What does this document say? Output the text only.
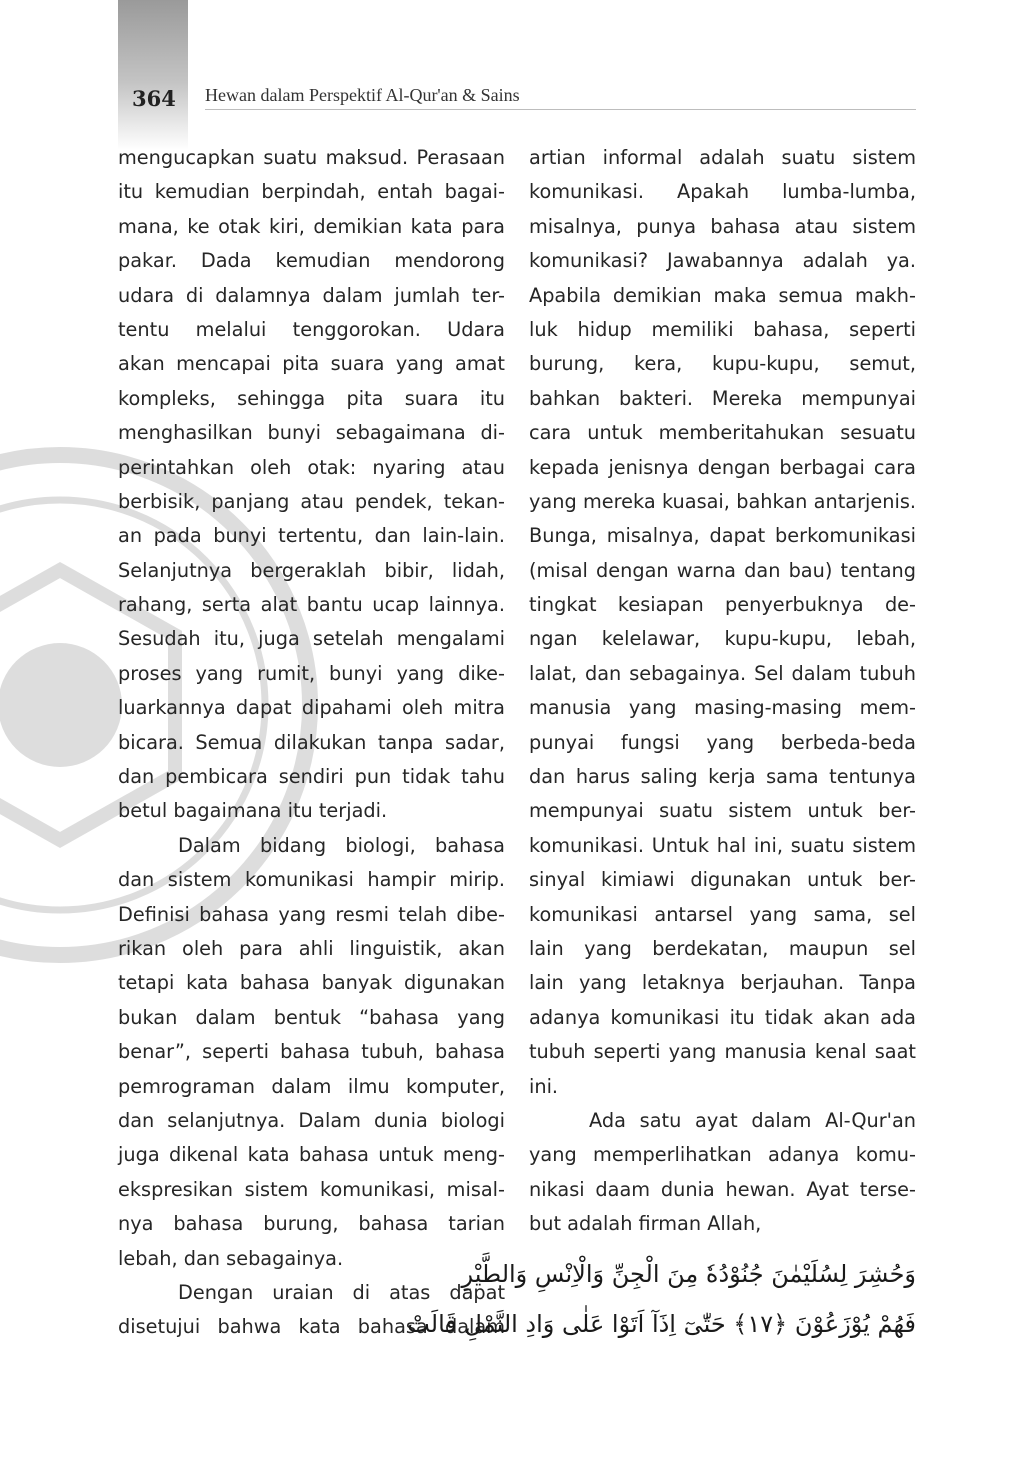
364 Hewan dalam Perspektif Al-Qur'an & Sains
mengucapkan suatu maksud. Perasaan
itu kemudian berpindah, entah bagai-
mana, ke otak kiri, demikian kata para
pakar. Dada kemudian mendorong
udara di dalamnya dalam jumlah ter-
tentu melalui tenggorokan. Udara
akan mencapai pita suara yang amat
kompleks, sehingga pita suara itu
menghasilkan bunyi sebagaimana di-
perintahkan oleh otak: nyaring atau
berbisik, panjang atau pendek, tekan-
an pada bunyi tertentu, dan lain-lain.
Selanjutnya bergeraklah bibir, lidah,
rahang, serta alat bantu ucap lainnya.
Sesudah itu, juga setelah mengalami
proses yang rumit, bunyi yang dike-
luarkannya dapat dipahami oleh mitra
bicara. Semua dilakukan tanpa sadar,
dan pembicara sendiri pun tidak tahu
betul bagaimana itu terjadi.
Dalam bidang biologi, bahasa
dan sistem komunikasi hampir mirip.
Definisi bahasa yang resmi telah dibe-
rikan oleh para ahli linguistik, akan
tetapi kata bahasa banyak digunakan
bukan dalam bentuk “bahasa yang
benar”, seperti bahasa tubuh, bahasa
pemrograman dalam ilmu komputer,
dan selanjutnya. Dalam dunia biologi
juga dikenal kata bahasa untuk meng-
ekspresikan sistem komunikasi, misal-
nya bahasa burung, bahasa tarian
lebah, dan sebagainya.
Dengan uraian di atas dapat
disetujui bahwa kata bahasa dalam
artian informal adalah suatu sistem
komunikasi. Apakah lumba-lumba,
misalnya, punya bahasa atau sistem
komunikasi? Jawabannya adalah ya.
Apabila demikian maka semua makh-
luk hidup memiliki bahasa, seperti
burung, kera, kupu-kupu, semut,
bahkan bakteri. Mereka mempunyai
cara untuk memberitahukan sesuatu
kepada jenisnya dengan berbagai cara
yang mereka kuasai, bahkan antarjenis.
Bunga, misalnya, dapat berkomunikasi
(misal dengan warna dan bau) tentang
tingkat kesiapan penyerbuknya de-
ngan kelelawar, kupu-kupu, lebah,
lalat, dan sebagainya. Sel dalam tubuh
manusia yang masing-masing mem-
punyai fungsi yang berbeda-beda
dan harus saling kerja sama tentunya
mempunyai suatu sistem untuk ber-
komunikasi. Untuk hal ini, suatu sistem
sinyal kimiawi digunakan untuk ber-
komunikasi antarsel yang sama, sel
lain yang berdekatan, maupun sel
lain yang letaknya berjauhan. Tanpa
adanya komunikasi itu tidak akan ada
tubuh seperti yang manusia kenal saat
ini.
Ada satu ayat dalam Al-Qur'an
yang memperlihatkan adanya komu-
nikasi daam dunia hewan. Ayat terse-
but adalah firman Allah,
وَحُشِرَ لِسُلَيْمٰنَ جُنُوْدُهٗ مِنَ الْجِنِّ وَالْاِنْسِ وَالطَّيْرِ
فَهُمْ يُوْزَعُوْنَ ﴿١٧﴾ حَتّٰىٓ اِذَآ اَتَوْا عَلٰى وَادِ النَّمْلِ قَالَتْ
